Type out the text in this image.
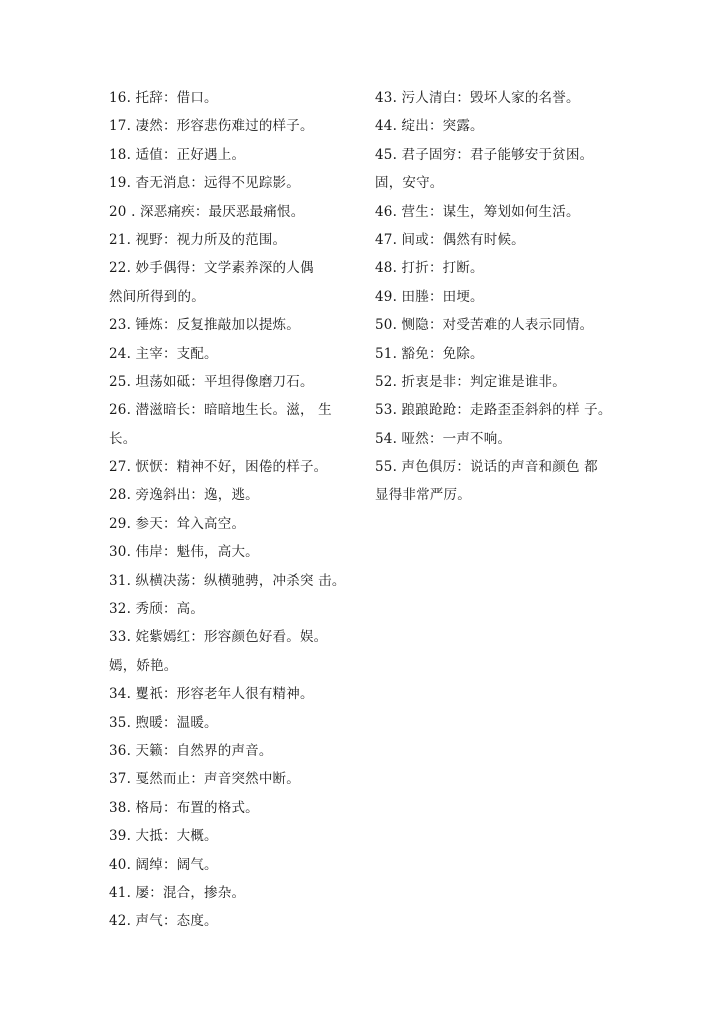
16. 托辞：借口。
17. 凄然：形容悲伤难过的样子。
18. 适值：正好遇上。
19. 杳无消息：远得不见踪影。
20 . 深恶痛疾：最厌恶最痛恨。
21. 视野：视力所及的范围。
22. 妙手偶得：文学素养深的人偶
然间所得到的。
23. 锤炼：反复推敲加以提炼。
24. 主宰：支配。
25. 坦荡如砥：平坦得像磨刀石。
26. 潜滋暗长：暗暗地生长。滋， 生
长。
27. 恹恹：精神不好，困倦的样子。
28. 旁逸斜出：逸，逃。
29. 参天：耸入高空。
30. 伟岸：魁伟，高大。
31. 纵横决荡：纵横驰骋，冲杀突 击。
32. 秀颀：高。
33. 姹紫嫣红：形容颜色好看。娱。
嫣，娇艳。
34. 矍祇：形容老年人很有精神。
35. 煦暖：温暖。
36. 天籁：自然界的声音。
37. 戛然而止：声音突然中断。
38. 格局：布置的格式。
39. 大抵：大概。
40. 阔绰：阔气。
41. 屡：混合，掺杂。
42. 声气：态度。
43. 污人清白：毁坏人家的名誉。
44. 绽出：突露。
45. 君子固穷：君子能够安于贫困。
固，安守。
46. 营生：谋生，筹划如何生活。
47. 间或：偶然有时候。
48. 打折：打断。
49. 田塍：田埂。
50. 恻隐：对受苦难的人表示同情。
51. 豁免：免除。
52. 折衷是非：判定谁是谁非。
53. 踉踉跄跄：走路歪歪斜斜的样 子。
54. 哑然：一声不响。
55. 声色俱厉：说话的声音和颜色 都
显得非常严厉。
